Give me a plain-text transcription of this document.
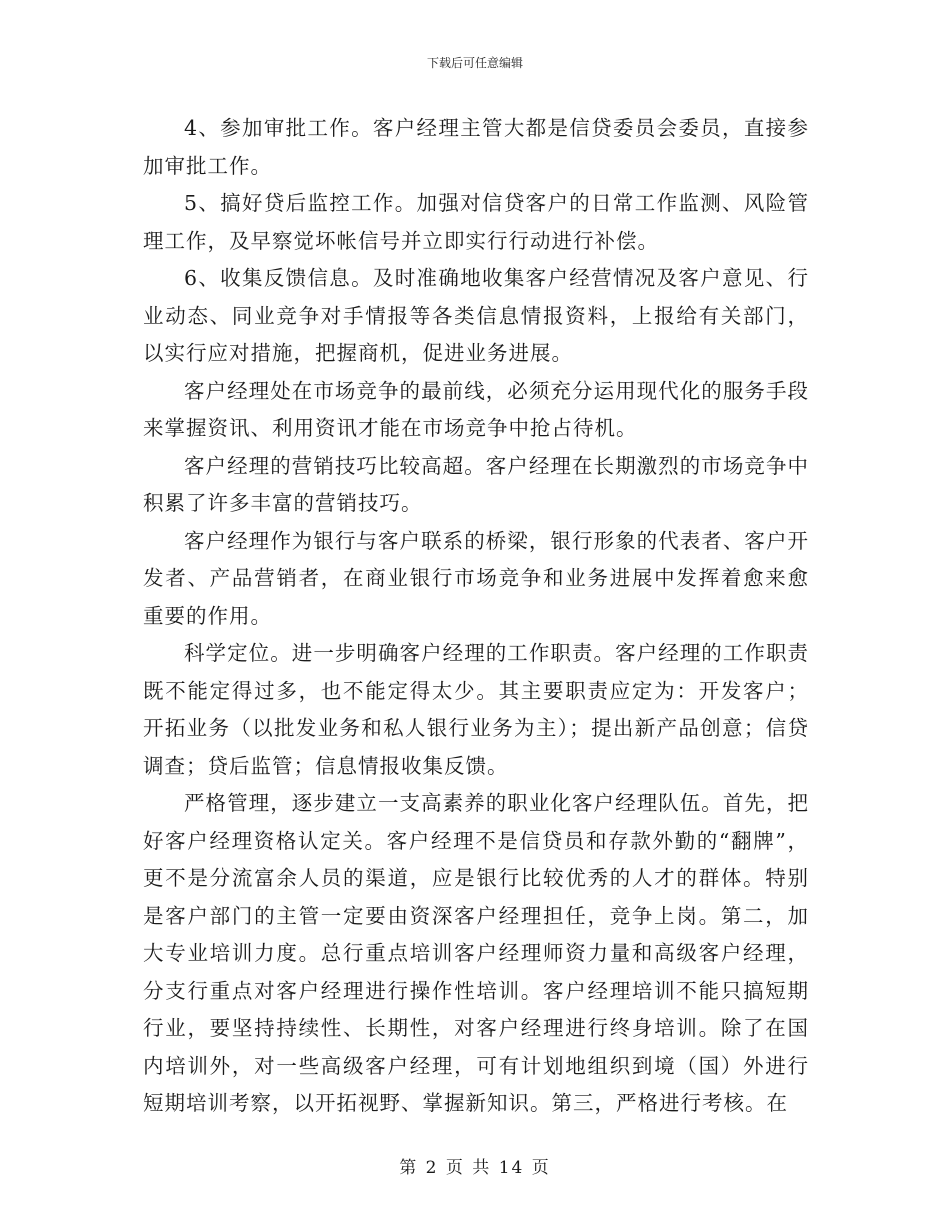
下载后可任意编辑

4、参加审批工作。客户经理主管大都是信贷委员会委员，直接参加审批工作。

5、搞好贷后监控工作。加强对信贷客户的日常工作监测、风险管理工作，及早察觉坏帐信号并立即实行行动进行补偿。

6、收集反馈信息。及时准确地收集客户经营情况及客户意见、行业动态、同业竞争对手情报等各类信息情报资料，上报给有关部门，以实行应对措施，把握商机，促进业务进展。

客户经理处在市场竞争的最前线，必须充分运用现代化的服务手段来掌握资讯、利用资讯才能在市场竞争中抢占待机。

客户经理的营销技巧比较高超。客户经理在长期激烈的市场竞争中积累了许多丰富的营销技巧。

客户经理作为银行与客户联系的桥梁，银行形象的代表者、客户开发者、产品营销者，在商业银行市场竞争和业务进展中发挥着愈来愈重要的作用。

科学定位。进一步明确客户经理的工作职责。客户经理的工作职责既不能定得过多，也不能定得太少。其主要职责应定为：开发客户；开拓业务（以批发业务和私人银行业务为主）；提出新产品创意；信贷调查；贷后监管；信息情报收集反馈。

严格管理，逐步建立一支高素养的职业化客户经理队伍。首先，把好客户经理资格认定关。客户经理不是信贷员和存款外勤的“翻牌”，更不是分流富余人员的渠道，应是银行比较优秀的人才的群体。特别是客户部门的主管一定要由资深客户经理担任，竞争上岗。第二，加大专业培训力度。总行重点培训客户经理师资力量和高级客户经理，分支行重点对客户经理进行操作性培训。客户经理培训不能只搞短期行业，要坚持持续性、长期性，对客户经理进行终身培训。除了在国内培训外，对一些高级客户经理，可有计划地组织到境（国）外进行短期培训考察，以开拓视野、掌握新知识。第三，严格进行考核。在

第 2 页 共 14 页
